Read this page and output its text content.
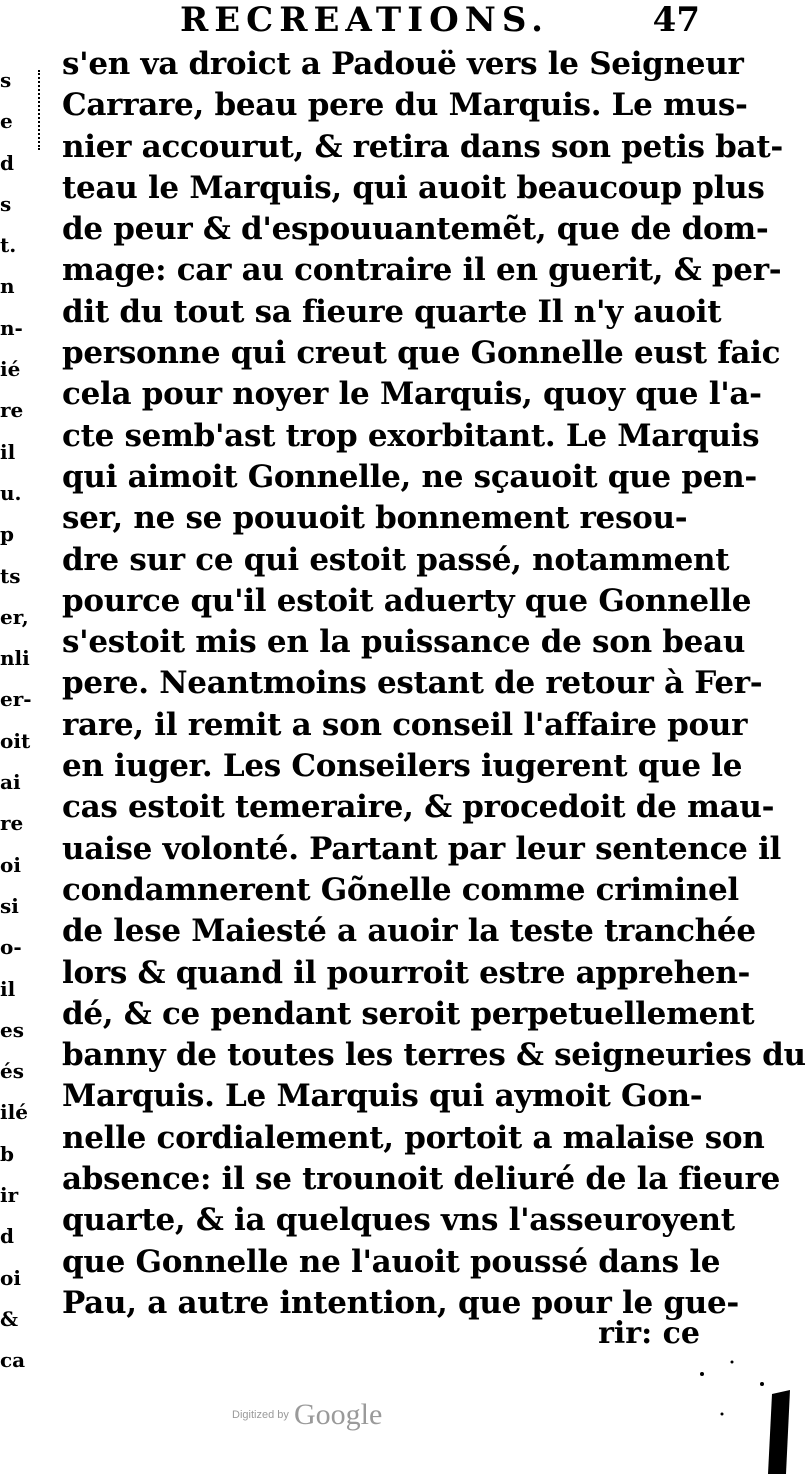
RECREATIONS.	47
s
e
d
s
t.
n
n-
ié
re
il
u.
p
ts
er,
nli
er-
oit
ai
re
oi
si
o-
il
es
és
ilé
b
ir
d
oi
&
ca
s'en va droict a Padouë vers le Seigneur
Carrare, beau pere du Marquis. Le mus-
nier accourut, & retira dans son petis bat-
teau le Marquis, qui auoit beaucoup plus
de peur & d'espouuantemẽt, que de dom-
mage: car au contraire il en guerit, & per-
dit du tout sa fieure quarte Il n'y auoit
personne qui creut que Gonnelle eust faic
cela pour noyer le Marquis, quoy que l'a-
cte semb'ast trop exorbitant. Le Marquis
qui aimoit Gonnelle, ne sçauoit que pen-
ser, ne se pouuoit bonnement resou-
dre sur ce qui estoit passé, notamment
pource qu'il estoit aduerty que Gonnelle
s'estoit mis en la puissance de son beau
pere. Neantmoins estant de retour à Fer-
rare, il remit a son conseil l'affaire pour
en iuger. Les Conseilers iugerent que le
cas estoit temeraire, & procedoit de mau-
uaise volonté. Partant par leur sentence il
condamnerent Gõnelle comme criminel
de lese Maiesté a auoir la teste tranchée
lors & quand il pourroit estre apprehen-
dé, & ce pendant seroit perpetuellement
banny de toutes les terres & seigneuries du
Marquis. Le Marquis qui aymoit Gon-
nelle cordialement, portoit a malaise son
absence: il se trounoit deliuré de la fieure
quarte, & ia quelques vns l'asseuroyent
que Gonnelle ne l'auoit poussé dans le
Pau, a autre intention, que pour le gue-
rir: ce
Digitized by Google
